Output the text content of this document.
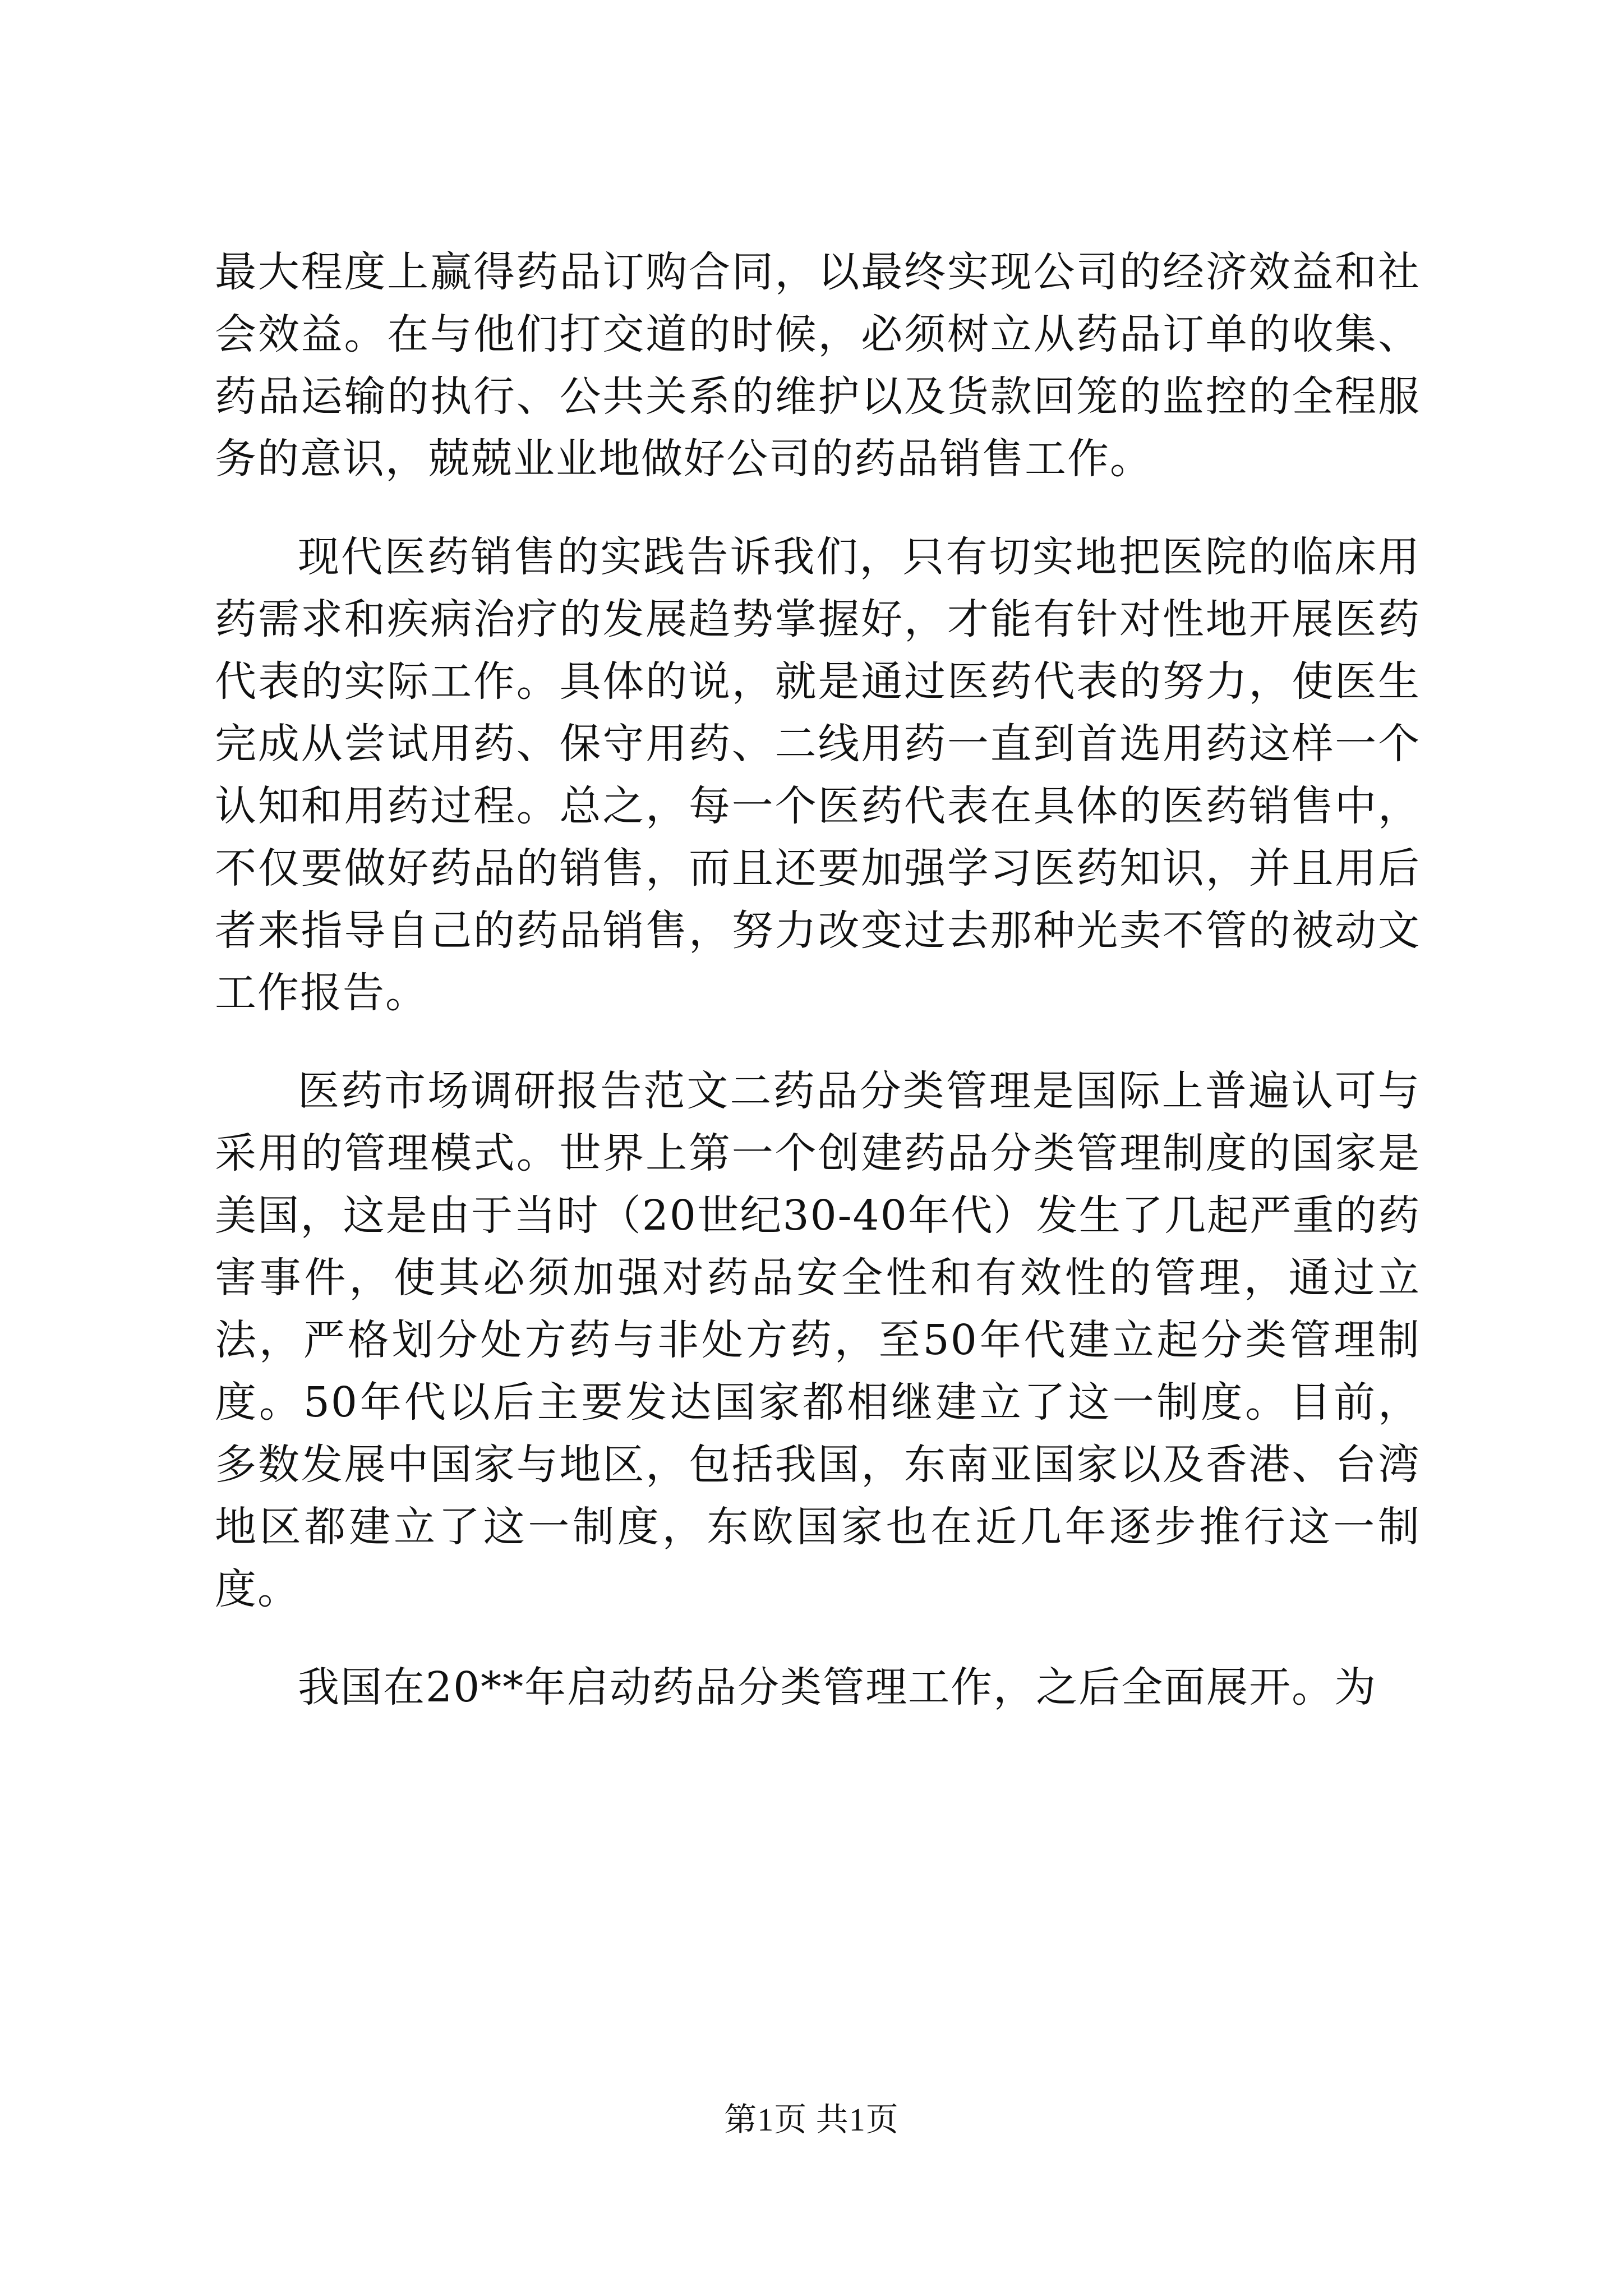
最大程度上赢得药品订购合同，以最终实现公司的经济效益和社会效益。在与他们打交道的时候，必须树立从药品订单的收集、药品运输的执行、公共关系的维护以及货款回笼的监控的全程服务的意识，兢兢业业地做好公司的药品销售工作。

现代医药销售的实践告诉我们，只有切实地把医院的临床用药需求和疾病治疗的发展趋势掌握好，才能有针对性地开展医药代表的实际工作。具体的说，就是通过医药代表的努力，使医生完成从尝试用药、保守用药、二线用药一直到首选用药这样一个认知和用药过程。总之，每一个医药代表在具体的医药销售中，不仅要做好药品的销售，而且还要加强学习医药知识，并且用后者来指导自己的药品销售，努力改变过去那种光卖不管的被动文工作报告。

医药市场调研报告范文二药品分类管理是国际上普遍认可与采用的管理模式。世界上第一个创建药品分类管理制度的国家是美国，这是由于当时（20世纪30-40年代）发生了几起严重的药害事件，使其必须加强对药品安全性和有效性的管理，通过立法，严格划分处方药与非处方药，至50年代建立起分类管理制度。50年代以后主要发达国家都相继建立了这一制度。目前，多数发展中国家与地区，包括我国，东南亚国家以及香港、台湾地区都建立了这一制度，东欧国家也在近几年逐步推行这一制度。

我国在20**年启动药品分类管理工作，之后全面展开。为

第1页 共1页
